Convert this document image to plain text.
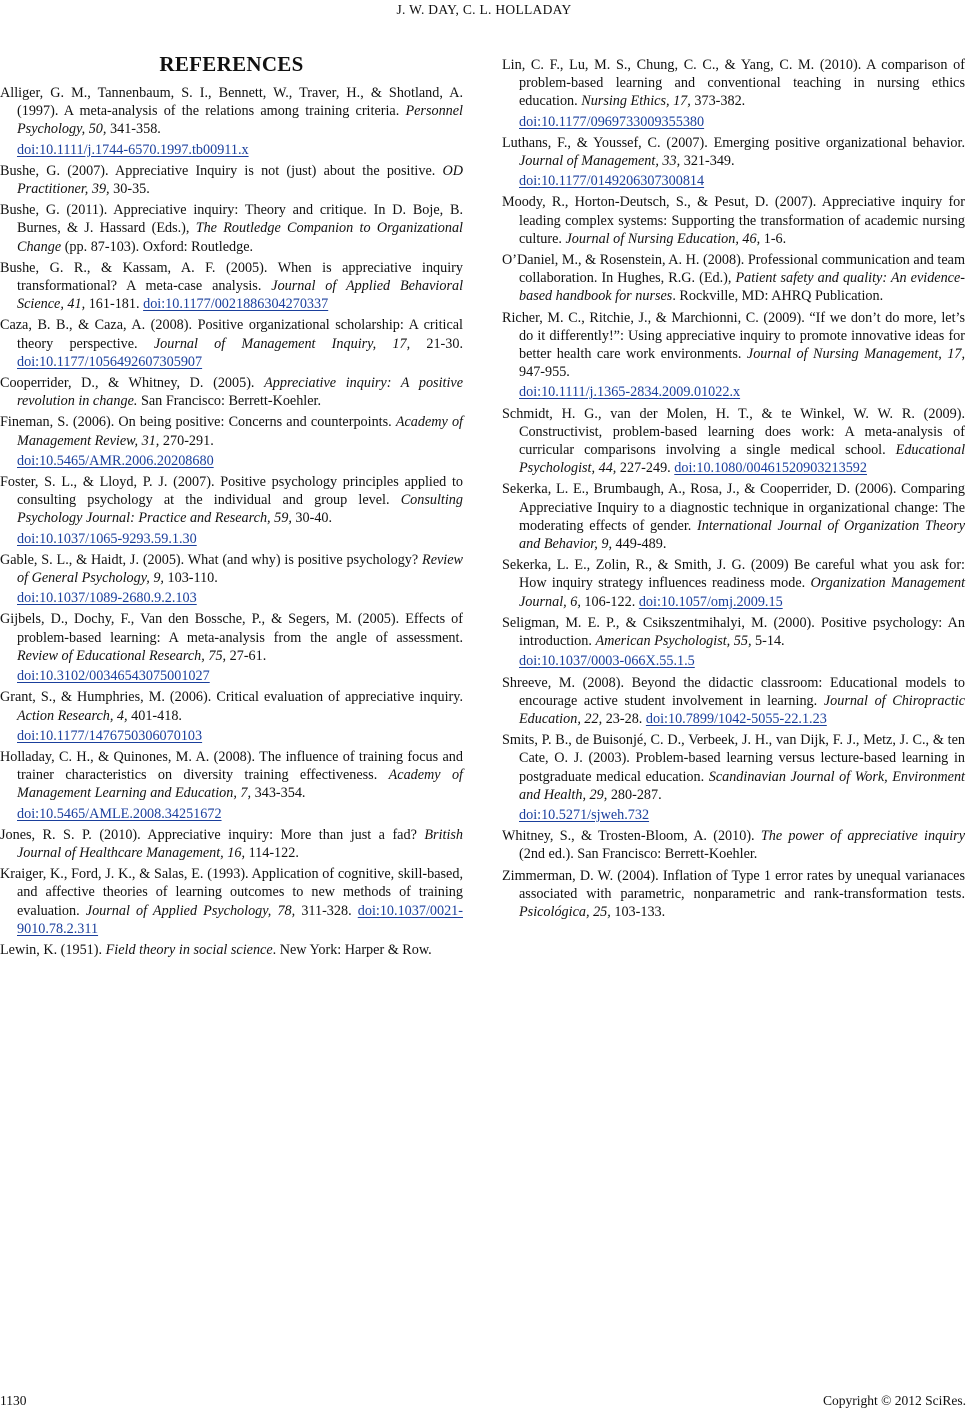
J. W. DAY, C. L. HOLLADAY
REFERENCES
Alliger, G. M., Tannenbaum, S. I., Bennett, W., Traver, H., & Shotland, A. (1997). A meta-analysis of the relations among training criteria. Personnel Psychology, 50, 341-358.
doi:10.1111/j.1744-6570.1997.tb00911.x
Bushe, G. (2007). Appreciative Inquiry is not (just) about the positive. OD Practitioner, 39, 30-35.
Bushe, G. (2011). Appreciative inquiry: Theory and critique. In D. Boje, B. Burnes, & J. Hassard (Eds.), The Routledge Companion to Organizational Change (pp. 87-103). Oxford: Routledge.
Bushe, G. R., & Kassam, A. F. (2005). When is appreciative inquiry transformational? A meta-case analysis. Journal of Applied Behavioral Science, 41, 161-181. doi:10.1177/0021886304270337
Caza, B. B., & Caza, A. (2008). Positive organizational scholarship: A critical theory perspective. Journal of Management Inquiry, 17, 21-30. doi:10.1177/1056492607305907
Cooperrider, D., & Whitney, D. (2005). Appreciative inquiry: A positive revolution in change. San Francisco: Berrett-Koehler.
Fineman, S. (2006). On being positive: Concerns and counterpoints. Academy of Management Review, 31, 270-291.
doi:10.5465/AMR.2006.20208680
Foster, S. L., & Lloyd, P. J. (2007). Positive psychology principles applied to consulting psychology at the individual and group level. Consulting Psychology Journal: Practice and Research, 59, 30-40.
doi:10.1037/1065-9293.59.1.30
Gable, S. L., & Haidt, J. (2005). What (and why) is positive psychology? Review of General Psychology, 9, 103-110.
doi:10.1037/1089-2680.9.2.103
Gijbels, D., Dochy, F., Van den Bossche, P., & Segers, M. (2005). Effects of problem-based learning: A meta-analysis from the angle of assessment. Review of Educational Research, 75, 27-61.
doi:10.3102/00346543075001027
Grant, S., & Humphries, M. (2006). Critical evaluation of appreciative inquiry. Action Research, 4, 401-418.
doi:10.1177/1476750306070103
Holladay, C. H., & Quinones, M. A. (2008). The influence of training focus and trainer characteristics on diversity training effectiveness. Academy of Management Learning and Education, 7, 343-354.
doi:10.5465/AMLE.2008.34251672
Jones, R. S. P. (2010). Appreciative inquiry: More than just a fad? British Journal of Healthcare Management, 16, 114-122.
Kraiger, K., Ford, J. K., & Salas, E. (1993). Application of cognitive, skill-based, and affective theories of learning outcomes to new methods of training evaluation. Journal of Applied Psychology, 78, 311-328. doi:10.1037/0021-9010.78.2.311
Lewin, K. (1951). Field theory in social science. New York: Harper & Row.
Lin, C. F., Lu, M. S., Chung, C. C., & Yang, C. M. (2010). A comparison of problem-based learning and conventional teaching in nursing ethics education. Nursing Ethics, 17, 373-382.
doi:10.1177/0969733009355380
Luthans, F., & Youssef, C. (2007). Emerging positive organizational behavior. Journal of Management, 33, 321-349.
doi:10.1177/0149206307300814
Moody, R., Horton-Deutsch, S., & Pesut, D. (2007). Appreciative inquiry for leading complex systems: Supporting the transformation of academic nursing culture. Journal of Nursing Education, 46, 1-6.
O’Daniel, M., & Rosenstein, A. H. (2008). Professional communication and team collaboration. In Hughes, R.G. (Ed.), Patient safety and quality: An evidence-based handbook for nurses. Rockville, MD: AHRQ Publication.
Richer, M. C., Ritchie, J., & Marchionni, C. (2009). “If we don’t do more, let’s do it differently!”: Using appreciative inquiry to promote innovative ideas for better health care work environments. Journal of Nursing Management, 17, 947-955.
doi:10.1111/j.1365-2834.2009.01022.x
Schmidt, H. G., van der Molen, H. T., & te Winkel, W. W. R. (2009). Constructivist, problem-based learning does work: A meta-analysis of curricular comparisons involving a single medical school. Educational Psychologist, 44, 227-249. doi:10.1080/00461520903213592
Sekerka, L. E., Brumbaugh, A., Rosa, J., & Cooperrider, D. (2006). Comparing Appreciative Inquiry to a diagnostic technique in organizational change: The moderating effects of gender. International Journal of Organization Theory and Behavior, 9, 449-489.
Sekerka, L. E., Zolin, R., & Smith, J. G. (2009) Be careful what you ask for: How inquiry strategy influences readiness mode. Organization Management Journal, 6, 106-122. doi:10.1057/omj.2009.15
Seligman, M. E. P., & Csikszentmihalyi, M. (2000). Positive psychology: An introduction. American Psychologist, 55, 5-14.
doi:10.1037/0003-066X.55.1.5
Shreeve, M. (2008). Beyond the didactic classroom: Educational models to encourage active student involvement in learning. Journal of Chiropractic Education, 22, 23-28. doi:10.7899/1042-5055-22.1.23
Smits, P. B., de Buisonjé, C. D., Verbeek, J. H., van Dijk, F. J., Metz, J. C., & ten Cate, O. J. (2003). Problem-based learning versus lecture-based learning in postgraduate medical education. Scandinavian Journal of Work, Environment and Health, 29, 280-287.
doi:10.5271/sjweh.732
Whitney, S., & Trosten-Bloom, A. (2010). The power of appreciative inquiry (2nd ed.). San Francisco: Berrett-Koehler.
Zimmerman, D. W. (2004). Inflation of Type 1 error rates by unequal varianaces associated with parametric, nonparametric and rank-transformation tests. Psicológica, 25, 103-133.
1130	Copyright © 2012 SciRes.
